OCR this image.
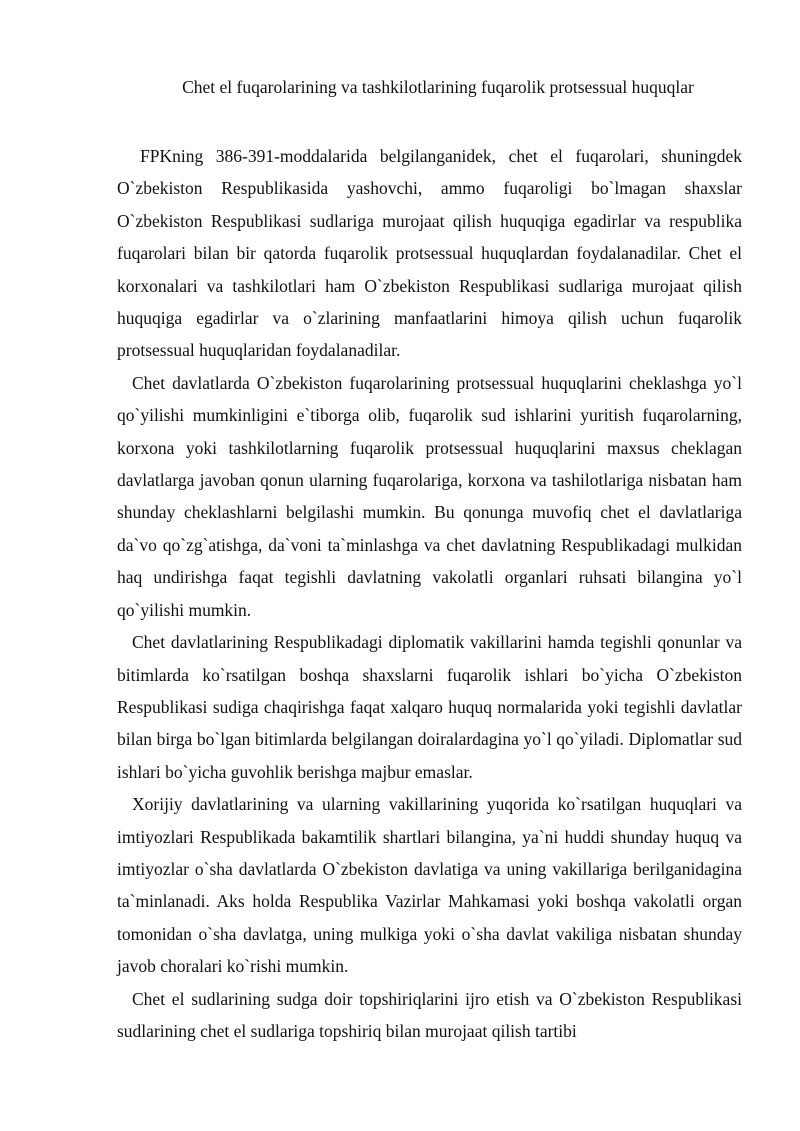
Chet el fuqarolarining va tashkilotlarining fuqarolik protsessual huquqlar

FPKning 386-391-moddalarida belgilanganidek, chet el fuqarolari, shuningdek O`zbekiston Respublikasida yashovchi, ammo fuqaroligi bo`lmagan shaxslar O`zbekiston Respublikasi sudlariga murojaat qilish huquqiga egadirlar va respublika fuqarolari bilan bir qatorda fuqarolik protsessual huquqlardan foydalanadilar. Chet el korxonalari va tashkilotlari ham O`zbekiston Respublikasi sudlariga murojaat qilish huquqiga egadirlar va o`zlarining manfaatlarini himoya qilish uchun fuqarolik protsessual huquqlaridan foydalanadilar.

Chet davlatlarda O`zbekiston fuqarolarining protsessual huquqlarini cheklashga yo`l qo`yilishi mumkinligini e`tiborga olib, fuqarolik sud ishlarini yuritish fuqarolarning, korxona yoki tashkilotlarning fuqarolik protsessual huquqlarini maxsus cheklagan davlatlarga javoban qonun ularning fuqarolariga, korxona va tashilotlariga nisbatan ham shunday cheklashlarni belgilashi mumkin. Bu qonunga muvofiq chet el davlatlariga da`vo qo`zg`atishga, da`voni ta`minlashga va chet davlatning Respublikadagi mulkidan haq undirishga faqat tegishli davlatning vakolatli organlari ruhsati bilangina yo`l qo`yilishi mumkin.

Chet davlatlarining Respublikadagi diplomatik vakillarini hamda tegishli qonunlar va bitimlarda ko`rsatilgan boshqa shaxslarni fuqarolik ishlari bo`yicha O`zbekiston Respublikasi sudiga chaqirishga faqat xalqaro huquq normalarida yoki tegishli davlatlar bilan birga bo`lgan bitimlarda belgilangan doiralardagina yo`l qo`yiladi. Diplomatlar sud ishlari bo`yicha guvohlik berishga majbur emaslar.

Xorijiy davlatlarining va ularning vakillarining yuqorida ko`rsatilgan huquqlari va imtiyozlari Respublikada bakamtilik shartlari bilangina, ya`ni huddi shunday huquq va imtiyozlar o`sha davlatlarda O`zbekiston davlatiga va uning vakillariga berilganidagina ta`minlanadi. Aks holda Respublika Vazirlar Mahkamasi yoki boshqa vakolatli organ tomonidan o`sha davlatga, uning mulkiga yoki o`sha davlat vakiliga nisbatan shunday javob choralari ko`rishi mumkin.

Chet el sudlarining sudga doir topshiriqlarini ijro etish va O`zbekiston Respublikasi sudlarining chet el sudlariga topshiriq bilan murojaat qilish tartibi
